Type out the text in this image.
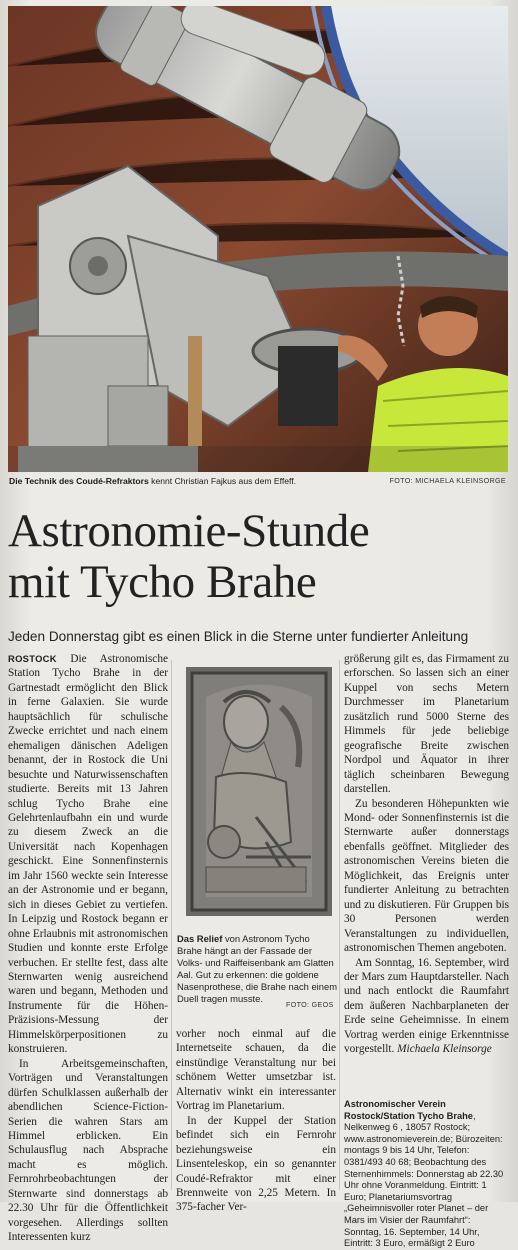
Die Technik des Coudé-Refraktors kennt Christian Fajkus aus dem Effeff.	FOTO: MICHAELA KLEINSORGE
Astronomie-Stunde
mit Tycho Brahe
Jeden Donnerstag gibt es einen Blick in die Sterne unter fundierter Anleitung

ROSTOCK Die Astronomische Station Tycho Brahe in der Gartnestadt ermöglicht den Blick in ferne Galaxien. Sie wurde hauptsächlich für schulische Zwecke errichtet und nach einem ehemaligen dänischen Adeligen benannt, der in Rostock die Uni besuchte und Naturwissenschaften studierte. Bereits mit 13 Jahren schlug Tycho Brahe eine Gelehrtenlaufbahn ein und wurde zu diesem Zweck an die Universität nach Kopenhagen geschickt. Eine Sonnenfinsternis im Jahr 1560 weckte sein Interesse an der Astronomie und er begann, sich in dieses Gebiet zu vertiefen. In Leipzig und Rostock begann er ohne Erlaubnis mit astronomischen Studien und konnte erste Erfolge verbuchen. Er stellte fest, dass alte Sternwarten wenig ausreichend waren und begann, Methoden und Instrumente für die Höhen-Präzisions-Messung der Himmelskörperpositionen zu konstruieren.

In Arbeitsgemeinschaften, Vorträgen und Veranstaltungen dürfen Schulklassen außerhalb der abendlichen Science-Fiction-Serien die wahren Stars am Himmel erblicken. Ein Schulausflug nach Absprache macht es möglich. Fernrohrbeobachtungen der Sternwarte sind donnerstags ab 22.30 Uhr für die Öffentlichkeit vorgesehen. Allerdings sollten Interessenten kurz

Das Relief von Astronom Tycho Brahe hängt an der Fassade der Volks- und Raiffeisenbank am Glatten Aal. Gut zu erkennen: die goldene Nasenprothese, die Brahe nach einem Duell tragen musste.
FOTO: GEOS

vorher noch einmal auf die Internetseite schauen, da die einstündige Veranstaltung nur bei schönem Wetter umsetzbar ist. Alternativ winkt ein interessanter Vortrag im Planetarium.

In der Kuppel der Station befindet sich ein Fernrohr beziehungsweise ein Linsenteleskop, ein so genannter Coudé-Refraktor mit einer Brennweite von 2,25 Metern. In 375-facher Ver-

größerung gilt es, das Firmament zu erforschen. So lassen sich an einer Kuppel von sechs Metern Durchmesser im Planetarium zusätzlich rund 5000 Sterne des Himmels für jede beliebige geografische Breite zwischen Nordpol und Äquator in ihrer täglich scheinbaren Bewegung darstellen.

Zu besonderen Höhepunkten wie Mond- oder Sonnenfinsternis ist die Sternwarte außer donnerstags ebenfalls geöffnet. Mitglieder des astronomischen Vereins bieten die Möglichkeit, das Ereignis unter fundierter Anleitung zu betrachten und zu diskutieren. Für Gruppen bis 30 Personen werden Veranstaltungen zu individuellen, astronomischen Themen angeboten.

Am Sonntag, 16. September, wird der Mars zum Hauptdarsteller. Nach und nach entlockt die Raumfahrt dem äußeren Nachbarplaneten der Erde seine Geheimnisse. In einem Vortrag werden einige Erkenntnisse vorgestellt. Michaela Kleinsorge

Astronomischer Verein Rostock/Station Tycho Brahe, Nelkenweg 6 , 18057 Rostock; www.astronomieverein.de; Bürozeiten: montags 9 bis 14 Uhr, Telefon: 0381/493 40 68; Beobachtung des Sternenhimmels: Donnerstag ab 22.30 Uhr ohne Voranmeldung. Eintritt: 1 Euro; Planetariumsvortrag „Geheimnisvoller roter Planet – der Mars im Visier der Raumfahrt“: Sonntag, 16. September, 14 Uhr, Eintritt: 3 Euro, ermäßigt 2 Euro
